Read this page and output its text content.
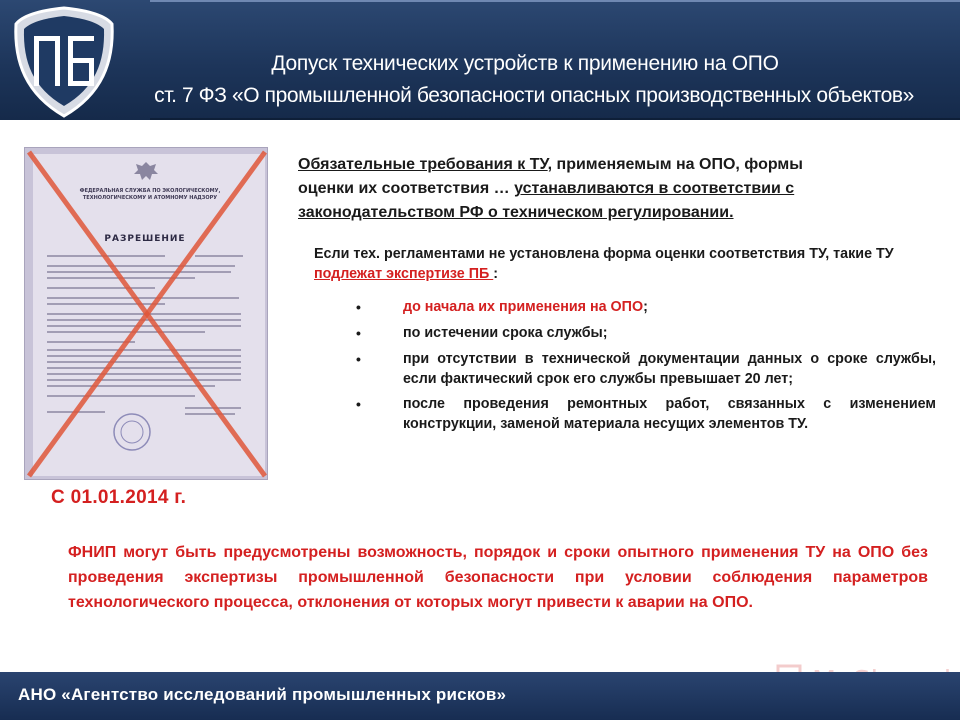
Допуск технических устройств к применению на ОПО
ст. 7 ФЗ «О промышленной безопасности опасных производственных объектов»
ФЕДЕРАЛЬНАЯ СЛУЖБА ПО ЭКОЛОГИЧЕСКОМУ, ТЕХНОЛОГИЧЕСКОМУ И АТОМНОМУ НАДЗОРУ
РАЗРЕШЕНИЕ
С 01.01.2014 г.
Обязательные требования к ТУ, применяемым на ОПО, формы
оценки их соответствия … устанавливаются в соответствии с
законодательством РФ о техническом регулировании.
Если тех. регламентами не установлена форма оценки соответствия ТУ, такие ТУ подлежат экспертизе ПБ :
•	до начала их применения на ОПО;
•	по истечении срока службы;
•	при отсутствии в технической документации данных о сроке службы, если фактический срок его службы превышает 20 лет;
•	после проведения ремонтных работ, связанных с изменением конструкции, заменой материала несущих элементов ТУ.
ФНИП могут быть предусмотрены возможность, порядок и сроки опытного применения ТУ на ОПО без проведения экспертизы промышленной безопасности при условии соблюдения параметров технологического процесса, отклонения от которых могут привести к аварии на ОПО.
АНО «Агентство исследований промышленных рисков»
